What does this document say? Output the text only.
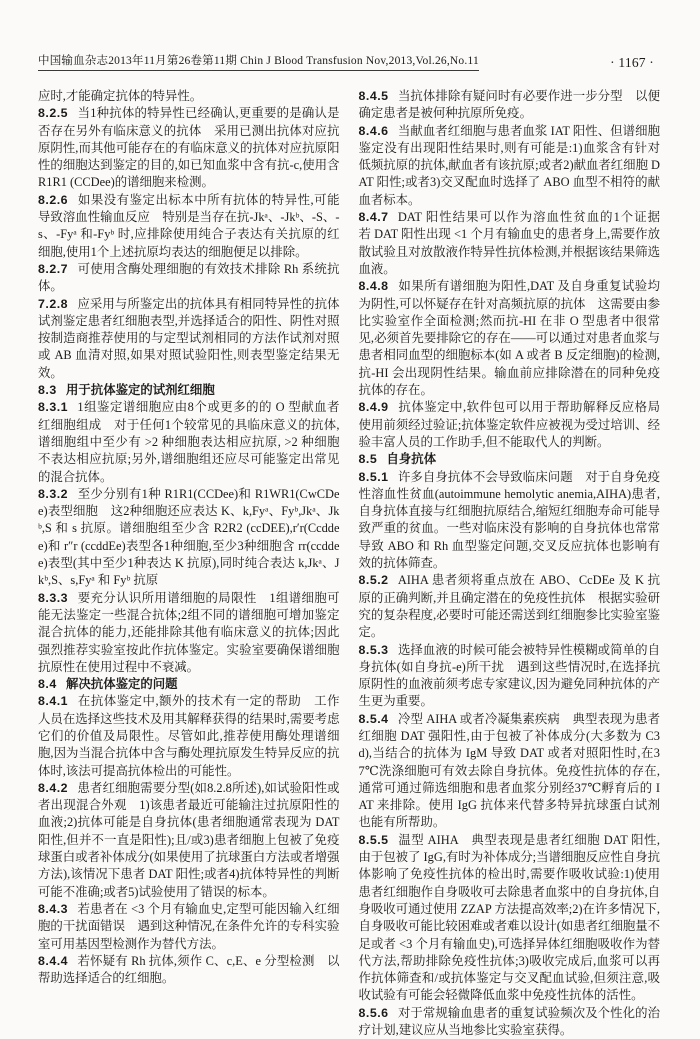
中国输血杂志2013年11月第26卷第11期 Chin J Blood Transfusion Nov,2013,Vol.26,No.11	· 1167 ·

应时,才能确定抗体的特异性。

8.2.5 当1种抗体的特异性已经确认,更重要的是确认是否存在另外有临床意义的抗体　采用已测出抗体对应抗原阴性,而其他可能存在的有临床意义的抗体对应抗原阳性的细胞达到鉴定的目的,如已知血浆中含有抗-c,使用含 R1R1 (CCDee)的谱细胞来检测。

8.2.6 如果没有鉴定出标本中所有抗体的特异性,可能导致溶血性输血反应　特别是当存在抗-Jkᵃ、-Jkᵇ、-S、-s、-Fyᵃ 和-Fyᵇ 时,应排除使用纯合子表达有关抗原的红细胞,使用1个上述抗原均表达的细胞便足以排除。

8.2.7 可使用含酶处理细胞的有效技术排除 Rh 系统抗体。

7.2.8 应采用与所鉴定出的抗体具有相同特异性的抗体试剂鉴定患者红细胞表型,并选择适合的阳性、阴性对照　按制造商推荐使用的与定型试剂相同的方法作试剂对照或 AB 血清对照,如果对照试验阳性,则表型鉴定结果无效。

8.3 用于抗体鉴定的试剂红细胞

8.3.1 1组鉴定谱细胞应由8个或更多的的 O 型献血者红细胞组成　对于任何1个较常见的具临床意义的抗体,谱细胞组中至少有 >2 种细胞表达相应抗原, >2 种细胞不表达相应抗原;另外,谱细胞组还应尽可能鉴定出常见的混合抗体。

8.3.2 至少分别有1种 R1R1(CCDee)和 R1WR1(CwCDee)表型细胞　这2种细胞还应表达 K、k,Fyᵃ、Fyᵇ,Jkᵃ、Jkᵇ,S 和 s 抗原。谱细胞组至少含 R2R2 (ccDEE),r′r(Ccddee)和 r″r (ccddEe)表型各1种细胞,至少3种细胞含 rr(ccddee)表型(其中至少1种表达 K 抗原),同时纯合表达 k,Jkᵃ、Jkᵇ,S、s,Fyᵃ 和 Fyᵇ 抗原

8.3.3 要充分认识所用谱细胞的局限性　1组谱细胞可能无法鉴定一些混合抗体;2组不同的谱细胞可增加鉴定混合抗体的能力,还能排除其他有临床意义的抗体;因此强烈推荐实验室按此作抗体鉴定。实验室要确保谱细胞抗原性在使用过程中不衰减。

8.4 解决抗体鉴定的问题

8.4.1 在抗体鉴定中,额外的技术有一定的帮助　工作人员在选择这些技术及用其解释获得的结果时,需要考虑它们的价值及局限性。尽管如此,推荐使用酶处理谱细胞,因为当混合抗体中含与酶处理抗原发生特异反应的抗体时,该法可提高抗体检出的可能性。

8.4.2 患者红细胞需要分型(如8.2.8所述),如试验阳性或者出现混合外观　1)该患者最近可能输注过抗原阳性的血液;2)抗体可能是自身抗体(患者细胞通常表现为 DAT 阳性,但并不一直是阳性);且/或3)患者细胞上包被了免疫球蛋白或者补体成分(如果使用了抗球蛋白方法或者增强方法),该情况下患者 DAT 阳性;或者4)抗体特异性的判断可能不准确;或者5)试验使用了错误的标本。

8.4.3 若患者在 <3 个月有输血史,定型可能因输入红细胞的干扰面错误　遇到这种情况,在条件允许的专科实验室可用基因型检测作为替代方法。

8.4.4 若怀疑有 Rh 抗体,须作 C、c,E、e 分型检测　以帮助选择适合的红细胞。

8.4.5 当抗体排除有疑问时有必要作进一步分型　以便确定患者是被何种抗原所免疫。

8.4.6 当献血者红细胞与患者血浆 IAT 阳性、但谱细胞鉴定没有出现阳性结果时,则有可能是:1)血浆含有针对低频抗原的抗体,献血者有该抗原;或者2)献血者红细胞 DAT 阳性;或者3)交叉配血时选择了 ABO 血型不相符的献血者标本。

8.4.7 DAT 阳性结果可以作为溶血性贫血的1个证据　若 DAT 阳性出现 <1 个月有输血史的患者身上,需要作放散试验且对放散液作特异性抗体检测,并根据该结果筛选血液。

8.4.8 如果所有谱细胞为阳性,DAT 及自身重复试验均为阴性,可以怀疑存在针对高频抗原的抗体　这需要由参比实验室作全面检测;然而抗-HI 在非 O 型患者中很常见,必须首先要排除它的存在——可以通过对患者血浆与患者相同血型的细胞标本(如 A 或者 B 反定细胞)的检测,抗-HI 会出现阴性结果。输血前应排除潜在的同种免疫抗体的存在。

8.4.9 抗体鉴定中,软件包可以用于帮助解释反应格局　使用前须经过验证;抗体鉴定软件应被视为受过培训、经验丰富人员的工作助手,但不能取代人的判断。

8.5 自身抗体

8.5.1 许多自身抗体不会导致临床问题　对于自身免疫性溶血性贫血(autoimmune hemolytic anemia,AIHA)患者,自身抗体直接与红细胞抗原结合,缩短红细胞寿命可能导致严重的贫血。一些对临床没有影响的自身抗体也常常导致 ABO 和 Rh 血型鉴定问题,交叉反应抗体也影响有效的抗体筛查。

8.5.2 AIHA 患者须将重点放在 ABO、CcDEe 及 K 抗原的正确判断,并且确定潜在的免疫性抗体　根据实验研究的复杂程度,必要时可能还需送到红细胞参比实验室鉴定。

8.5.3 选择血液的时候可能会被特异性模糊或简单的自身抗体(如自身抗-e)所干扰　遇到这些情况时,在选择抗原阴性的血液前须考虑专家建议,因为避免同种抗体的产生更为重要。

8.5.4 冷型 AIHA 或者冷凝集素疾病　典型表现为患者红细胞 DAT 强阳性,由于包被了补体成分(大多数为 C3d),当结合的抗体为 IgM 导致 DAT 或者对照阳性时,在37℃洗涤细胞可有效去除自身抗体。免疫性抗体的存在,通常可通过筛选细胞和患者血浆分别经37℃孵育后的 IAT 来排除。使用 IgG 抗体来代替多特异抗球蛋白试剂也能有所帮助。

8.5.5 温型 AIHA　典型表现是患者红细胞 DAT 阳性,由于包被了 IgG,有时为补体成分;当谱细胞反应性自身抗体影响了免疫性抗体的检出时,需要作吸收试验:1)使用患者红细胞作自身吸收可去除患者血浆中的自身抗体,自身吸收可通过使用 ZZAP 方法提高效率;2)在许多情况下,自身吸收可能比较困难或者难以设计(如患者红细胞量不足或者 <3 个月有输血史),可选择异体红细胞吸收作为替代方法,帮助排除免疫性抗体;3)吸收完成后,血浆可以再作抗体筛查和/或抗体鉴定与交叉配血试验,但须注意,吸收试验有可能会轻微降低血浆中免疫性抗体的活性。

8.5.6 对于常规输血患者的重复试验频次及个性化的治疗计划,建议应从当地参比实验室获得。
